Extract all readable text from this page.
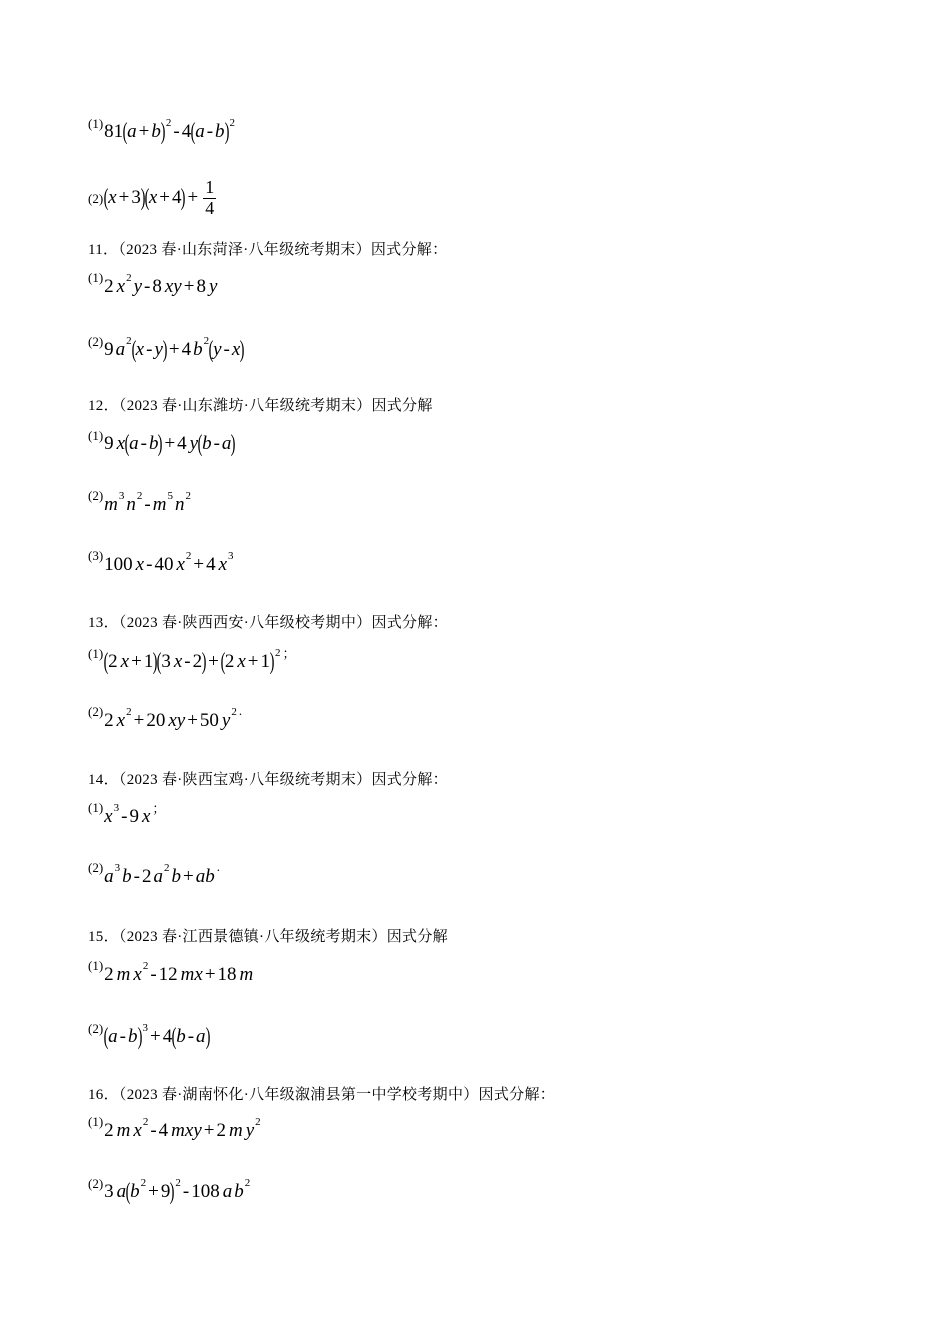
(1) 81 ( a + b )$^2$ - 4 ( a - b )$^2$
(2) ( x + 3 ) ( x + 4 ) + $\frac{1}{4}$
11．（2023 春·山东菏泽·八年级统考期末）因式分解：
(1) 2 $x^2$ y - 8 xy + 8 y
(2) 9 $a^2$ ( x - y ) + 4 $b^2$ ( y - x )
12．（2023 春·山东潍坊·八年级统考期末）因式分解
(1) 9 x ( a - b ) + 4 y ( b - a )
(2) $m^3$ $n^2 - m^5$ $n^2$
(3) 100 x - 40 $x^2 + 4$ $x^3$
13．（2023 春·陕西西安·八年级校考期中）因式分解：
(1) ( 2 x + 1 ) ( 3 x - 2 ) + ( 2 x + 1 )$^2$ ；
(2) 2 $x^2 + 20$ xy + 50 $y^2$ .
14．（2023 春·陕西宝鸡·八年级统考期末）因式分解：
(1) $x^3 - 9$ x ；
(2) $a^3$ b - 2 $a^2$ b + ab .
15．（2023 春·江西景德镇·八年级统考期末）因式分解
(1) 2 m $x^2 - 12$ mx + 18 m
(2) ( a - b )$^3$ + 4 ( b - a )
16．（2023 春·湖南怀化·八年级溆浦县第一中学校考期中）因式分解：
(1) 2 m $x^2 - 4$ mxy + 2 m $y^2$
(2) 3 a ( $b^2 + 9$ )$^2$ - 108 a $b^2$
